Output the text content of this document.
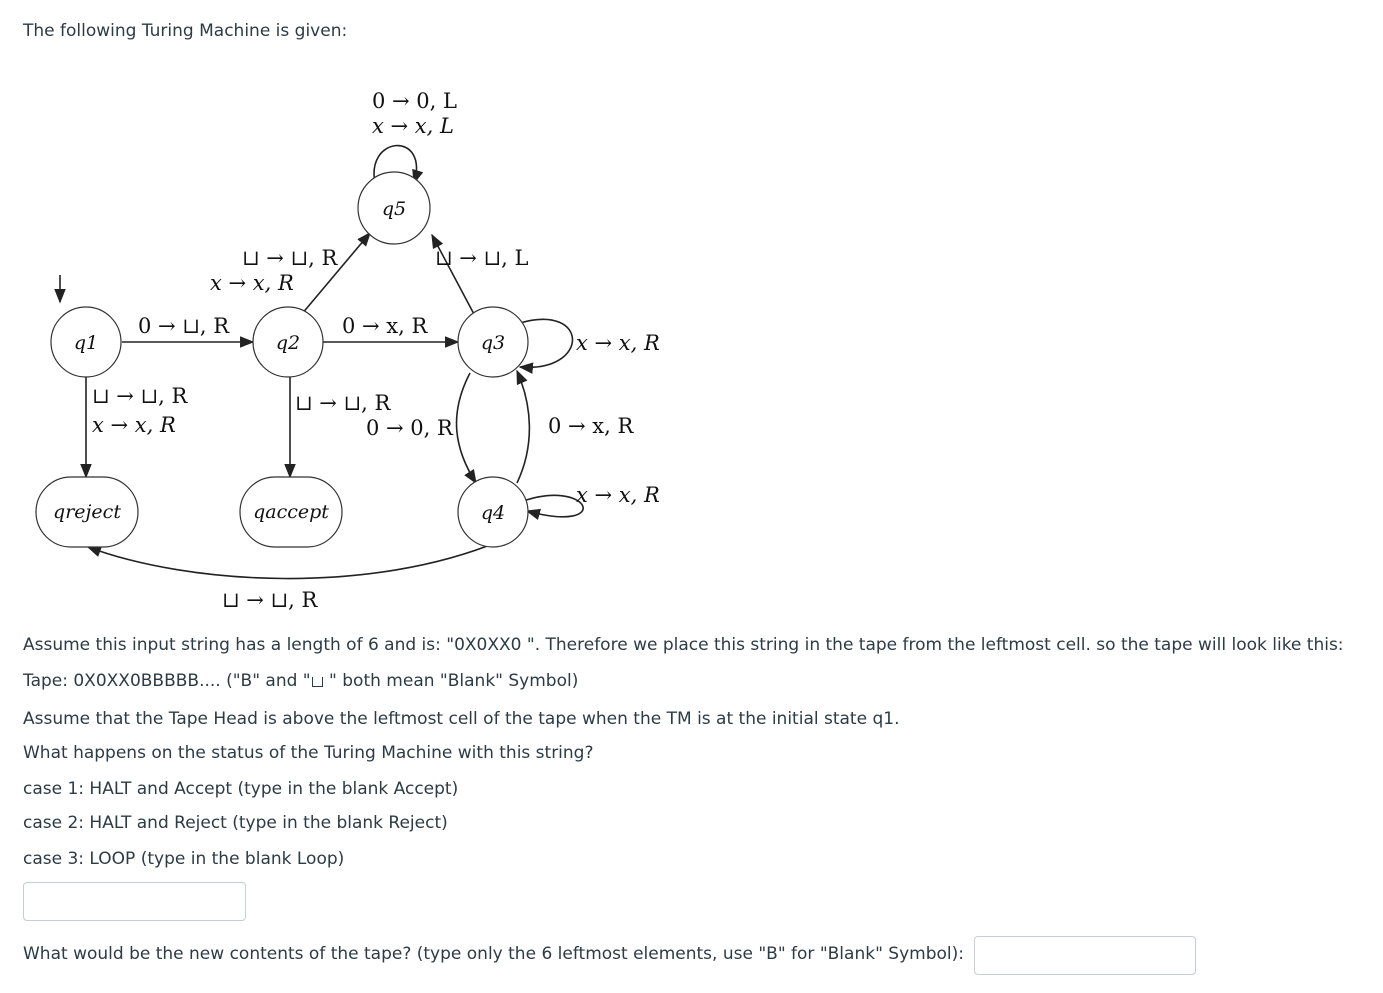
The following Turing Machine is given:
q5
q1	q2	q3
q4
qreject	qaccept
0 → 0, L
x → x, L
⊔ → ⊔, R
x → x, R
⊔ → ⊔, L
0 → ⊔, R	0 → x, R
x → x, R
⊔ → ⊔, R
x → x, R
⊔ → ⊔, R
0 → 0, R	0 → x, R
x → x, R
⊔ → ⊔, R
Assume this input string has a length of 6 and is: "0X0XX0 ". Therefore we place this string in the tape from the leftmost cell. so the tape will look like this:
Tape: 0X0XX0BBBBB.... ("B" and " " both mean "Blank" Symbol)
Assume that the Tape Head is above the leftmost cell of the tape when the TM is at the initial state q1.
What happens on the status of the Turing Machine with this string?
case 1: HALT and Accept (type in the blank Accept)
case 2: HALT and Reject (type in the blank Reject)
case 3: LOOP (type in the blank Loop)
What would be the new contents of the tape? (type only the 6 leftmost elements, use "B" for "Blank" Symbol):
